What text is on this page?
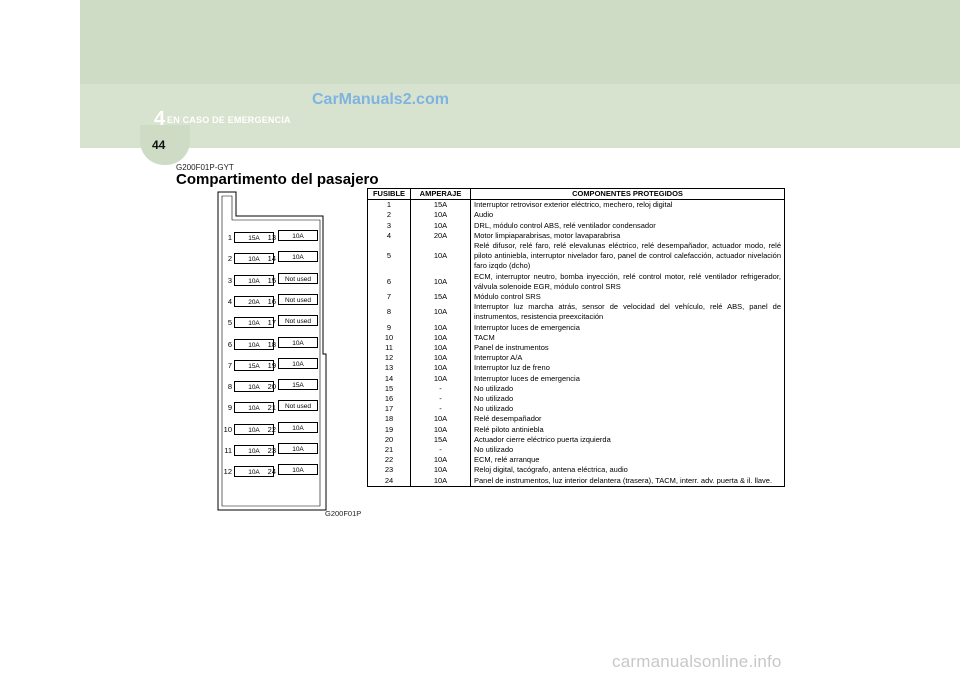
4 EN CASO DE EMERGENCIA
44
CarManuals2.com
G200F01P-GYT
Compartimento del pasajero
1	15A
2	10A
3	10A
4	20A
5	10A
6	10A
7	15A
8	10A
9	10A
10	10A
11	10A
12	10A
13	10A
14	10A
15	Not used
16	Not used
17	Not used
18	10A
19	10A
20	15A
21	Not used
22	10A
23	10A
24	10A
G200F01P
FUSIBLE	AMPERAJE	COMPONENTES PROTEGIDOS
1	15A	Interruptor retrovisor exterior eléctrico, mechero, reloj digital
2	10A	Audio
3	10A	DRL, módulo control ABS, relé ventilador condensador
4	20A	Motor limpiaparabrisas, motor lavaparabrisa
5	10A	Relé difusor, relé faro, relé elevalunas eléctrico, relé desempañador, actuador modo, relé piloto antiniebla, interruptor nivelador faro, panel de control calefacción, actuador nivelación faro izqdo (dcho)
6	10A	ECM, interruptor neutro, bomba inyección, relé control motor, relé ventilador refrigerador, válvula solenoide EGR, módulo control SRS
7	15A	Módulo control SRS
8	10A	Interruptor luz marcha atrás, sensor de velocidad del vehículo, relé ABS, panel de instrumentos, resistencia preexcitación
9	10A	Interruptor luces de emergencia
10	10A	TACM
11	10A	Panel de instrumentos
12	10A	Interruptor A/A
13	10A	Interruptor luz de freno
14	10A	Interruptor luces de emergencia
15	-	No utilizado
16	-	No utilizado
17	-	No utilizado
18	10A	Relé desempañador
19	10A	Relé piloto antiniebla
20	15A	Actuador cierre eléctrico puerta izquierda
21	-	No utilizado
22	10A	ECM, relé arranque
23	10A	Reloj digital, tacógrafo, antena eléctrica, audio
24	10A	Panel de instrumentos, luz interior delantera (trasera), TACM, interr. adv. puerta & il. llave.
carmanualsonline.info
